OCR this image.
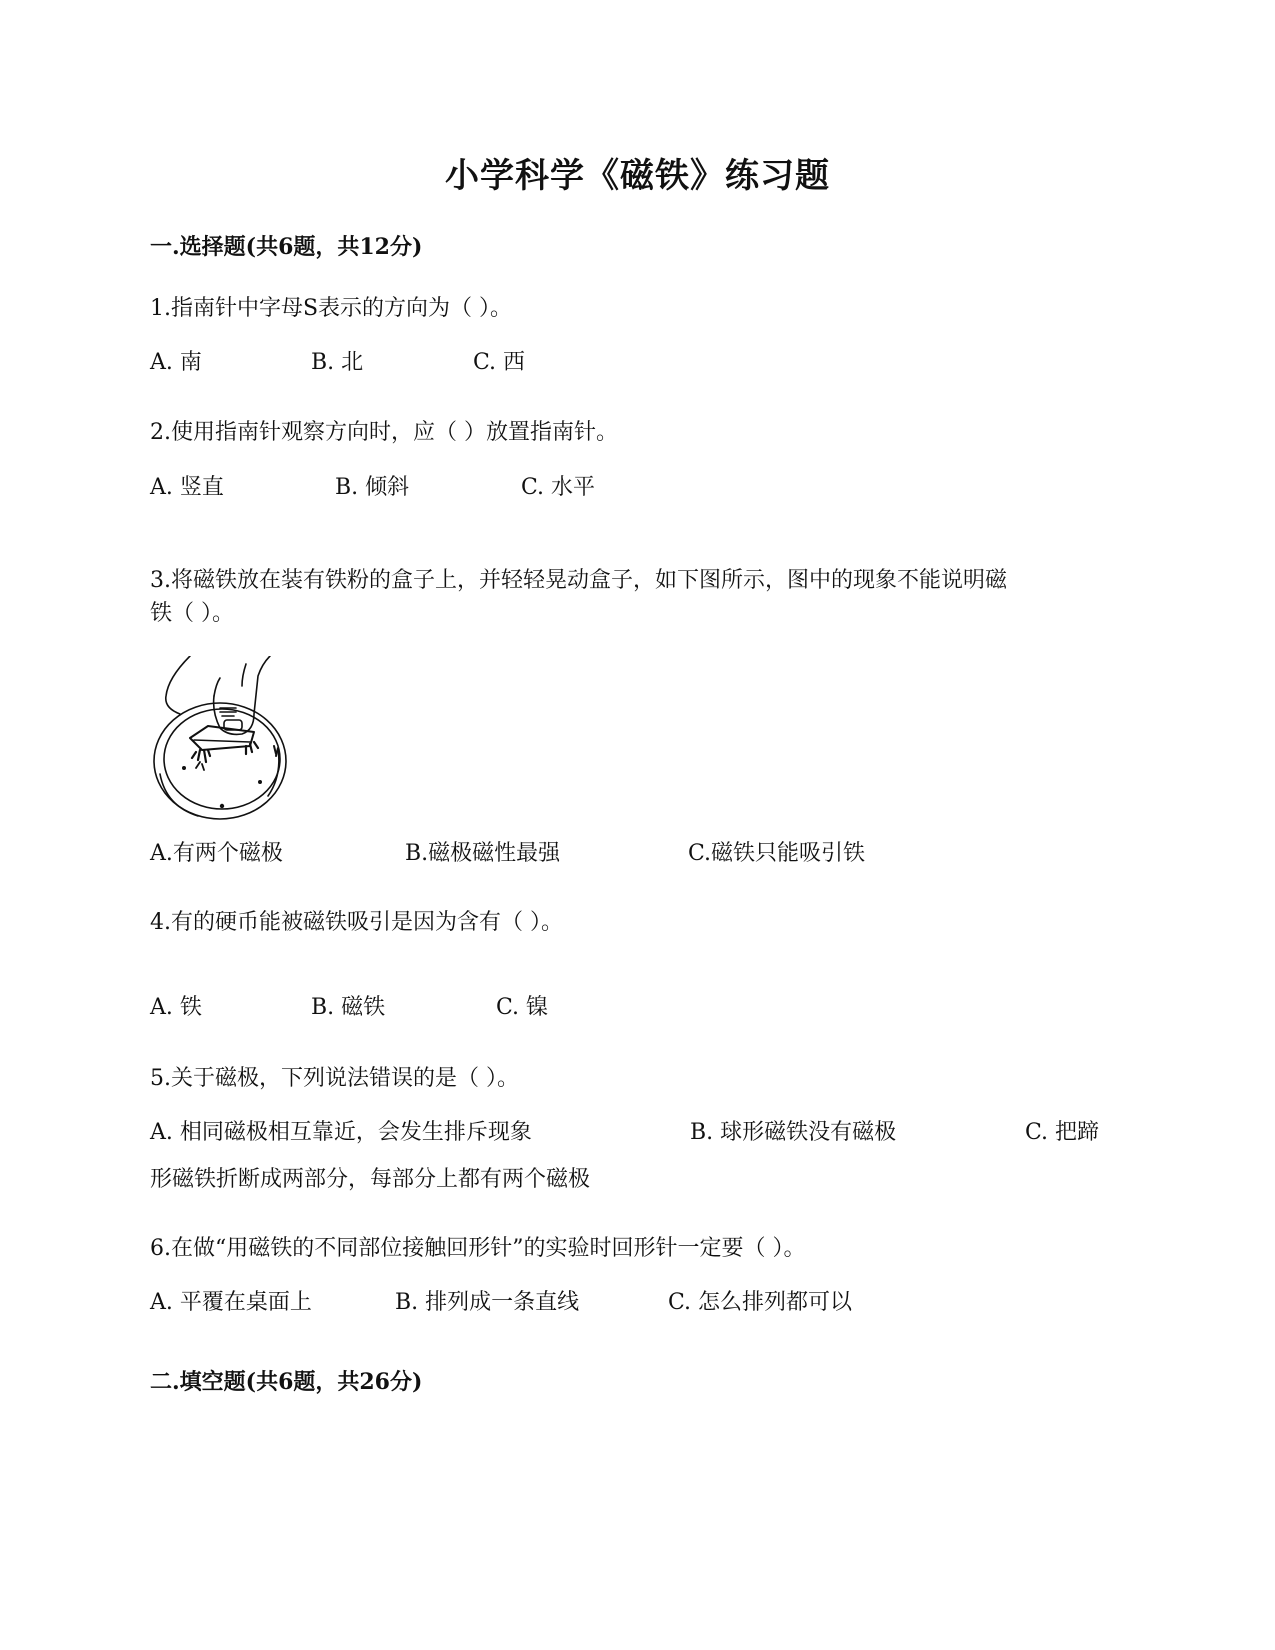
小学科学《磁铁》练习题
一.选择题(共6题，共12分)
1.指南针中字母S表示的方向为（ ）。
A. 南	B. 北	C. 西
2.使用指南针观察方向时，应（ ）放置指南针。
A. 竖直	B. 倾斜	C. 水平
3.将磁铁放在装有铁粉的盒子上，并轻轻晃动盒子，如下图所示，图中的现象不能说明磁
铁（ ）。
A.有两个磁极	B.磁极磁性最强	C.磁铁只能吸引铁
4.有的硬币能被磁铁吸引是因为含有（ ）。
A. 铁	B. 磁铁	C. 镍
5.关于磁极，下列说法错误的是（ ）。
A. 相同磁极相互靠近，会发生排斥现象	B. 球形磁铁没有磁极	C. 把蹄
形磁铁折断成两部分，每部分上都有两个磁极
6.在做“用磁铁的不同部位接触回形针”的实验时回形针一定要（ ）。
A. 平覆在桌面上	B. 排列成一条直线	C. 怎么排列都可以
二.填空题(共6题，共26分)
